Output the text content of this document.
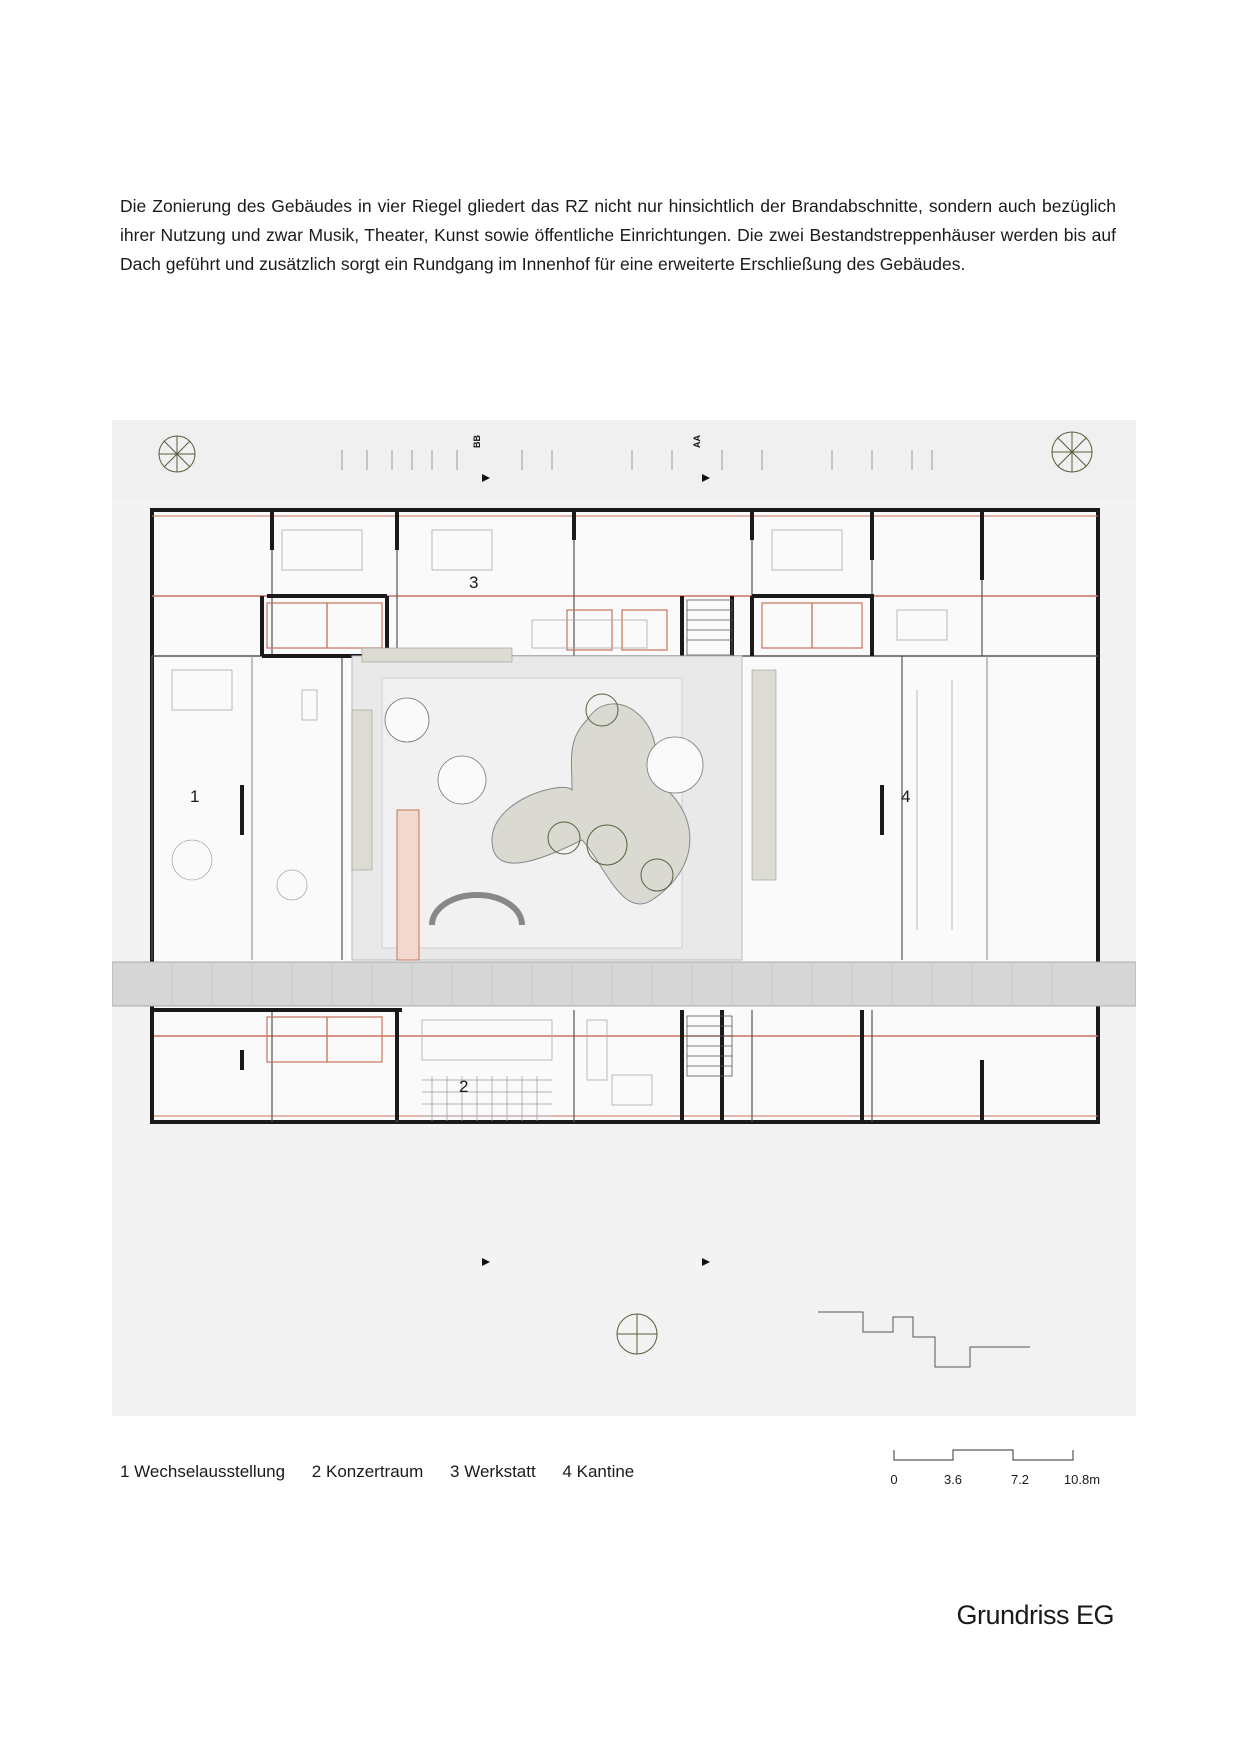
Die Zonierung des Gebäudes in vier Riegel gliedert das RZ nicht nur hinsichtlich der Brandabschnitte, sondern auch bezüglich ihrer Nutzung und zwar Musik, Theater, Kunst sowie öffentliche Einrichtungen. Die zwei Bestandstreppenhäuser werden bis auf Dach geführt und zusätzlich sorgt ein Rundgang im Innenhof für eine erweiterte Erschließung des Gebäudes.

BB	AA
1
2
3
4
1 Wechselausstellung 2 Konzertraum 3 Werkstatt 4 Kantine	0	3.6	7.2	10.8m
Grundriss EG
